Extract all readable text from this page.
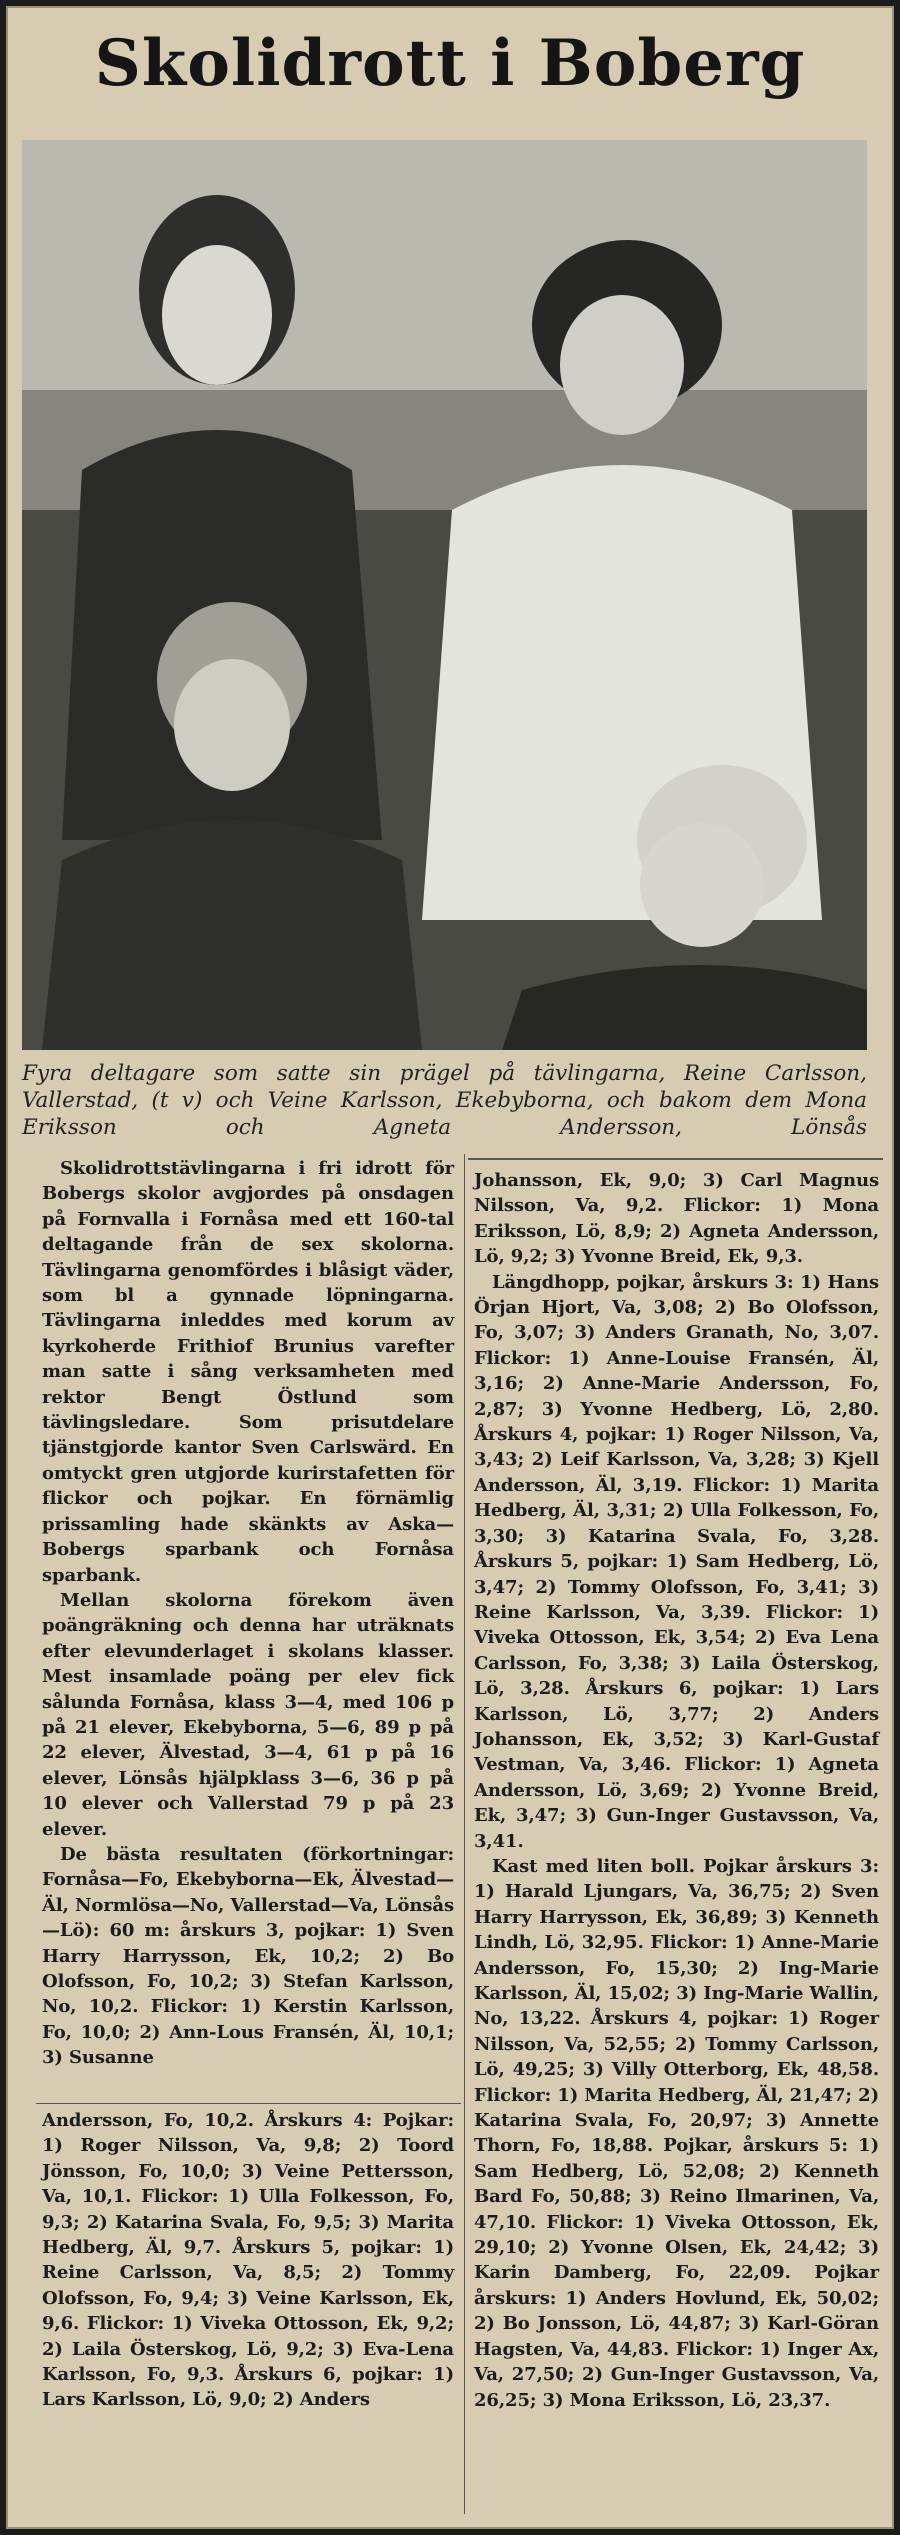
Skolidrott i Boberg

Fyra deltagare som satte sin prägel på tävlingarna, Reine Carlsson, Vallerstad, (t v) och Veine Karlsson, Ekebyborna, och bakom dem Mona Eriksson och Agneta Andersson, Lönsås

Skolidrottstävlingarna i fri idrott för Bobergs skolor avgjordes på onsdagen på Fornvalla i Fornåsa med ett 160-tal deltagande från de sex skolorna. Tävlingarna genomfördes i blåsigt väder, som bl a gynnade löpningarna. Tävlingarna inleddes med korum av kyrkoherde Frithiof Brunius varefter man satte i sång verksamheten med rektor Bengt Östlund som tävlingsledare. Som prisutdelare tjänstgjorde kantor Sven Carlswärd. En omtyckt gren utgjorde kurirstafetten för flickor och pojkar. En förnämlig prissamling hade skänkts av Aska—Bobergs sparbank och Fornåsa sparbank.

Mellan skolorna förekom även poängräkning och denna har uträknats efter elevunderlaget i skolans klasser. Mest insamlade poäng per elev fick sålunda Fornåsa, klass 3—4, med 106 p på 21 elever, Ekebyborna, 5—6, 89 p på 22 elever, Älvestad, 3—4, 61 p på 16 elever, Lönsås hjälpklass 3—6, 36 p på 10 elever och Vallerstad 79 p på 23 elever.

De bästa resultaten (förkortningar: Fornåsa—Fo, Ekebyborna—Ek, Älvestad—Äl, Normlösa—No, Vallerstad—Va, Lönsås—Lö): 60 m: årskurs 3, pojkar: 1) Sven Harry Harrysson, Ek, 10,2; 2) Bo Olofsson, Fo, 10,2; 3) Stefan Karlsson, No, 10,2. Flickor: 1) Kerstin Karlsson, Fo, 10,0; 2) Ann-Lous Fransén, Äl, 10,1; 3) Susanne

Andersson, Fo, 10,2. Årskurs 4: Pojkar: 1) Roger Nilsson, Va, 9,8; 2) Toord Jönsson, Fo, 10,0; 3) Veine Pettersson, Va, 10,1. Flickor: 1) Ulla Folkesson, Fo, 9,3; 2) Katarina Svala, Fo, 9,5; 3) Marita Hedberg, Äl, 9,7. Årskurs 5, pojkar: 1) Reine Carlsson, Va, 8,5; 2) Tommy Olofsson, Fo, 9,4; 3) Veine Karlsson, Ek, 9,6. Flickor: 1) Viveka Ottosson, Ek, 9,2; 2) Laila Österskog, Lö, 9,2; 3) Eva-Lena Karlsson, Fo, 9,3. Årskurs 6, pojkar: 1) Lars Karlsson, Lö, 9,0; 2) Anders

Johansson, Ek, 9,0; 3) Carl Magnus Nilsson, Va, 9,2. Flickor: 1) Mona Eriksson, Lö, 8,9; 2) Agneta Andersson, Lö, 9,2; 3) Yvonne Breid, Ek, 9,3.

Längdhopp, pojkar, årskurs 3: 1) Hans Örjan Hjort, Va, 3,08; 2) Bo Olofsson, Fo, 3,07; 3) Anders Granath, No, 3,07. Flickor: 1) Anne-Louise Fransén, Äl, 3,16; 2) Anne-Marie Andersson, Fo, 2,87; 3) Yvonne Hedberg, Lö, 2,80. Årskurs 4, pojkar: 1) Roger Nilsson, Va, 3,43; 2) Leif Karlsson, Va, 3,28; 3) Kjell Andersson, Äl, 3,19. Flickor: 1) Marita Hedberg, Äl, 3,31; 2) Ulla Folkesson, Fo, 3,30; 3) Katarina Svala, Fo, 3,28. Årskurs 5, pojkar: 1) Sam Hedberg, Lö, 3,47; 2) Tommy Olofsson, Fo, 3,41; 3) Reine Karlsson, Va, 3,39. Flickor: 1) Viveka Ottosson, Ek, 3,54; 2) Eva Lena Carlsson, Fo, 3,38; 3) Laila Österskog, Lö, 3,28. Årskurs 6, pojkar: 1) Lars Karlsson, Lö, 3,77; 2) Anders Johansson, Ek, 3,52; 3) Karl-Gustaf Vestman, Va, 3,46. Flickor: 1) Agneta Andersson, Lö, 3,69; 2) Yvonne Breid, Ek, 3,47; 3) Gun-Inger Gustavsson, Va, 3,41.

Kast med liten boll. Pojkar årskurs 3: 1) Harald Ljungars, Va, 36,75; 2) Sven Harry Harrysson, Ek, 36,89; 3) Kenneth Lindh, Lö, 32,95. Flickor: 1) Anne-Marie Andersson, Fo, 15,30; 2) Ing-Marie Karlsson, Äl, 15,02; 3) Ing-Marie Wallin, No, 13,22. Årskurs 4, pojkar: 1) Roger Nilsson, Va, 52,55; 2) Tommy Carlsson, Lö, 49,25; 3) Villy Otterborg, Ek, 48,58. Flickor: 1) Marita Hedberg, Äl, 21,47; 2) Katarina Svala, Fo, 20,97; 3) Annette Thorn, Fo, 18,88. Pojkar, årskurs 5: 1) Sam Hedberg, Lö, 52,08; 2) Kenneth Bard Fo, 50,88; 3) Reino Ilmarinen, Va, 47,10. Flickor: 1) Viveka Ottosson, Ek, 29,10; 2) Yvonne Olsen, Ek, 24,42; 3) Karin Damberg, Fo, 22,09. Pojkar årskurs: 1) Anders Hovlund, Ek, 50,02; 2) Bo Jonsson, Lö, 44,87; 3) Karl-Göran Hagsten, Va, 44,83. Flickor: 1) Inger Ax, Va, 27,50; 2) Gun-Inger Gustavsson, Va, 26,25; 3) Mona Eriksson, Lö, 23,37.
